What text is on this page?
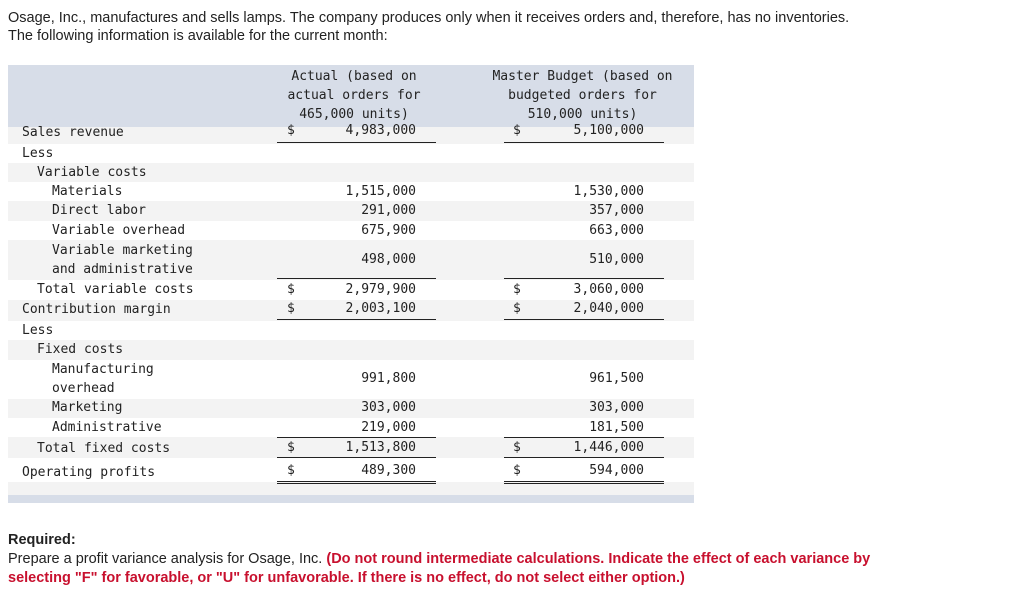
Osage, Inc., manufactures and sells lamps. The company produces only when it receives orders and, therefore, has no inventories.
The following information is available for the current month:
Actual (based on
actual orders for
465,000 units)
Master Budget (based on
budgeted orders for
510,000 units)
Sales revenue	$	4,983,000	$	5,100,000
Less
Variable costs
Materials	1,515,000	1,530,000
Direct labor	291,000	357,000
Variable overhead	675,900	663,000
Variable marketing
and administrative
498,000	510,000
Total variable costs	$	2,979,900	$	3,060,000
Contribution margin	$	2,003,100	$	2,040,000
Less
Fixed costs
Manufacturing
overhead
991,800	961,500
Marketing	303,000	303,000
Administrative	219,000	181,500
Total fixed costs	$	1,513,800	$	1,446,000
Operating profits	$	489,300	$	594,000
Required:
Prepare a profit variance analysis for Osage, Inc. (Do not round intermediate calculations. Indicate the effect of each variance by
selecting "F" for favorable, or "U" for unfavorable. If there is no effect, do not select either option.)
